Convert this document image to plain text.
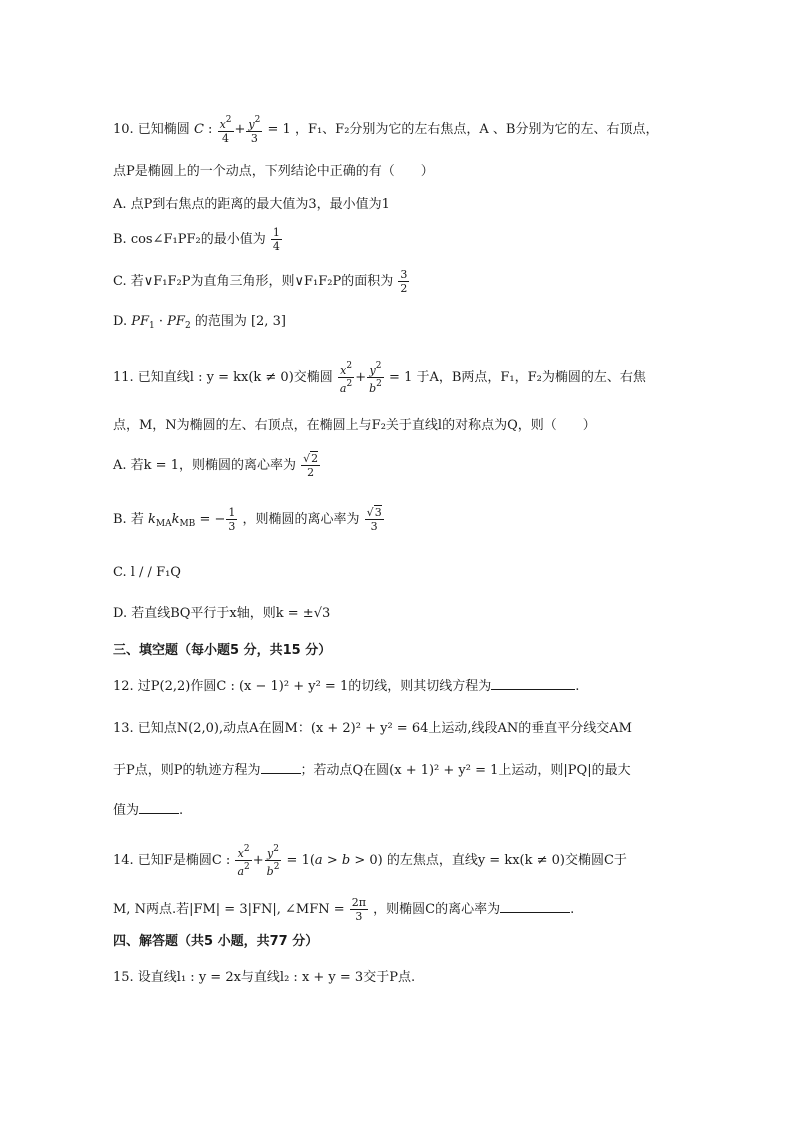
10. 已知椭圆 C : $\frac{x^2}{4} + \frac{y^2}{3} = 1$ ，F₁、F₂分别为它的左右焦点，A 、B分别为它的左、右顶点，
点P是椭圆上的一个动点，下列结论中正确的有（　　）
A. 点P到右焦点的距离的最大值为3，最小值为1
B. cos∠F₁PF₂的最小值为 $\frac{1}{4}$
C. 若∨F₁F₂P为直角三角形，则∨F₁F₂P的面积为 $\frac{3}{2}$
D. $PF_1 \cdot PF_2$ 的范围为 [2, 3]
11. 已知直线l : y = kx(k ≠ 0)交椭圆 $\frac{x^2}{a^2} + \frac{y^2}{b^2} = 1$ 于A，B两点，F₁，F₂为椭圆的左、右焦
点，M，N为椭圆的左、右顶点，在椭圆上与F₂关于直线l的对称点为Q，则（　　）
A. 若k = 1，则椭圆的离心率为 $\frac{√2}{2}$
B. 若 $k_{MA}k_{MB}$ = − $\frac{1}{3}$ ，则椭圆的离心率为 $\frac{√3}{3}$
C. l / / F₁Q
D. 若直线BQ平行于x轴，则k = ±√3
三、填空题（每小题5 分，共15 分）
12. 过P(2,2)作圆C : (x − 1)² + y² = 1的切线，则其切线方程为	.
13. 已知点N(2,0),动点A在圆M：(x + 2)² + y² = 64上运动,线段AN的垂直平分线交AM
于P点，则P的轨迹方程为	；若动点Q在圆(x + 1)² + y² = 1上运动，则|PQ|的最大
值为	.
14. 已知F是椭圆C : $\frac{x^2}{a^2} + \frac{y^2}{b^2} = 1(a > b > 0)$ 的左焦点，直线y = kx(k ≠ 0)交椭圆C于
M, N两点.若|FM| = 3|FN|, ∠MFN = $\frac{2\pi}{3}$ ，则椭圆C的离心率为	.
四、解答题（共5 小题，共77 分）
15. 设直线l₁ : y = 2x与直线l₂ : x + y = 3交于P点.
